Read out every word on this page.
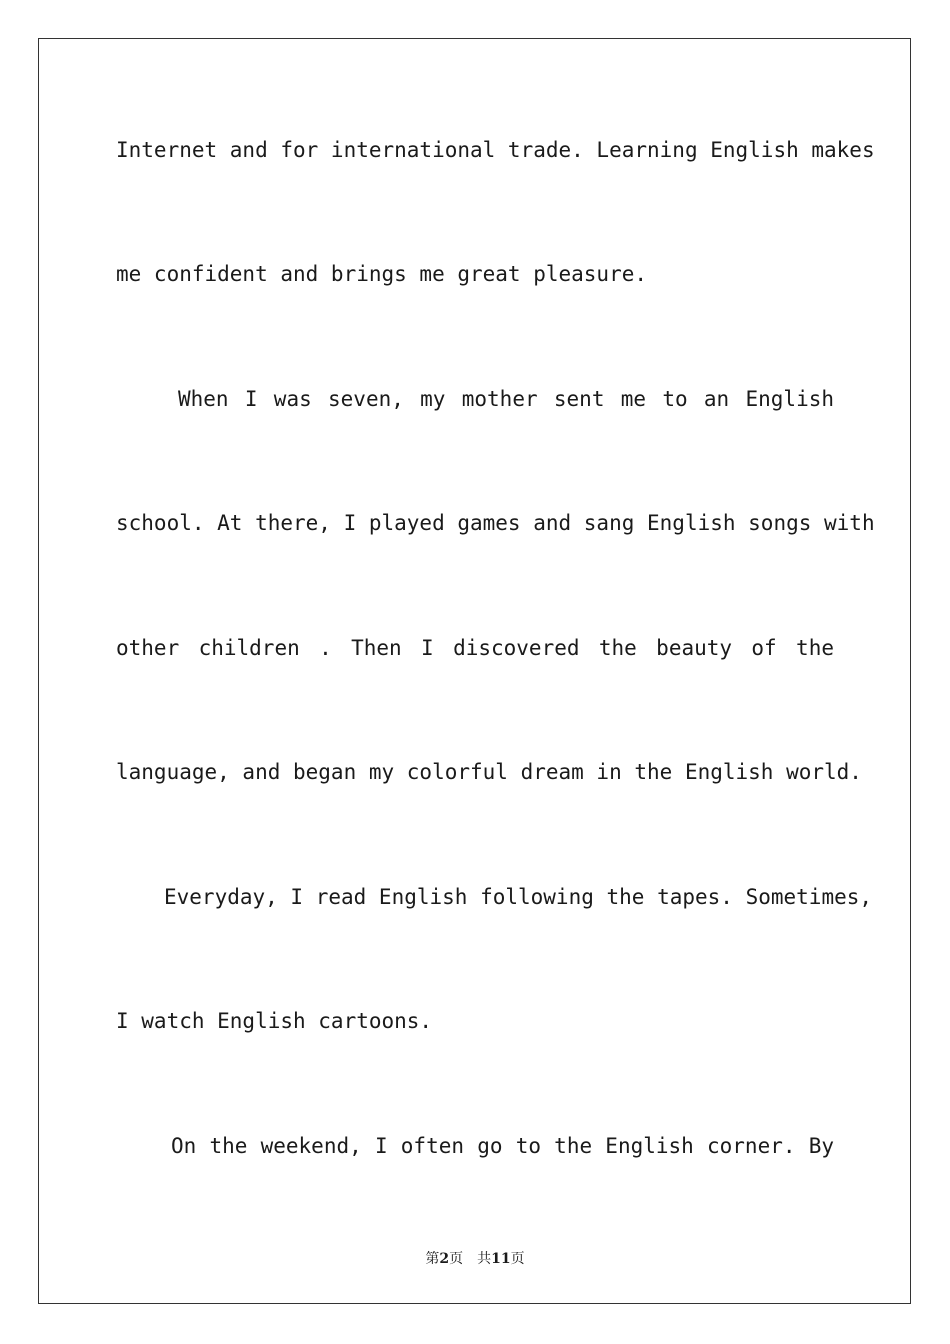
Internet and for international trade. Learning English makes

me confident and brings me great pleasure.

When I was seven, my mother sent me to an English

school. At there, I played games and sang English songs with

other children . Then I discovered the beauty of the

language, and began my colorful dream in the English world.

Everyday, I read English following the tapes. Sometimes,

I watch English cartoons.

On the weekend, I often go to the English corner. By

第2页 共11页
